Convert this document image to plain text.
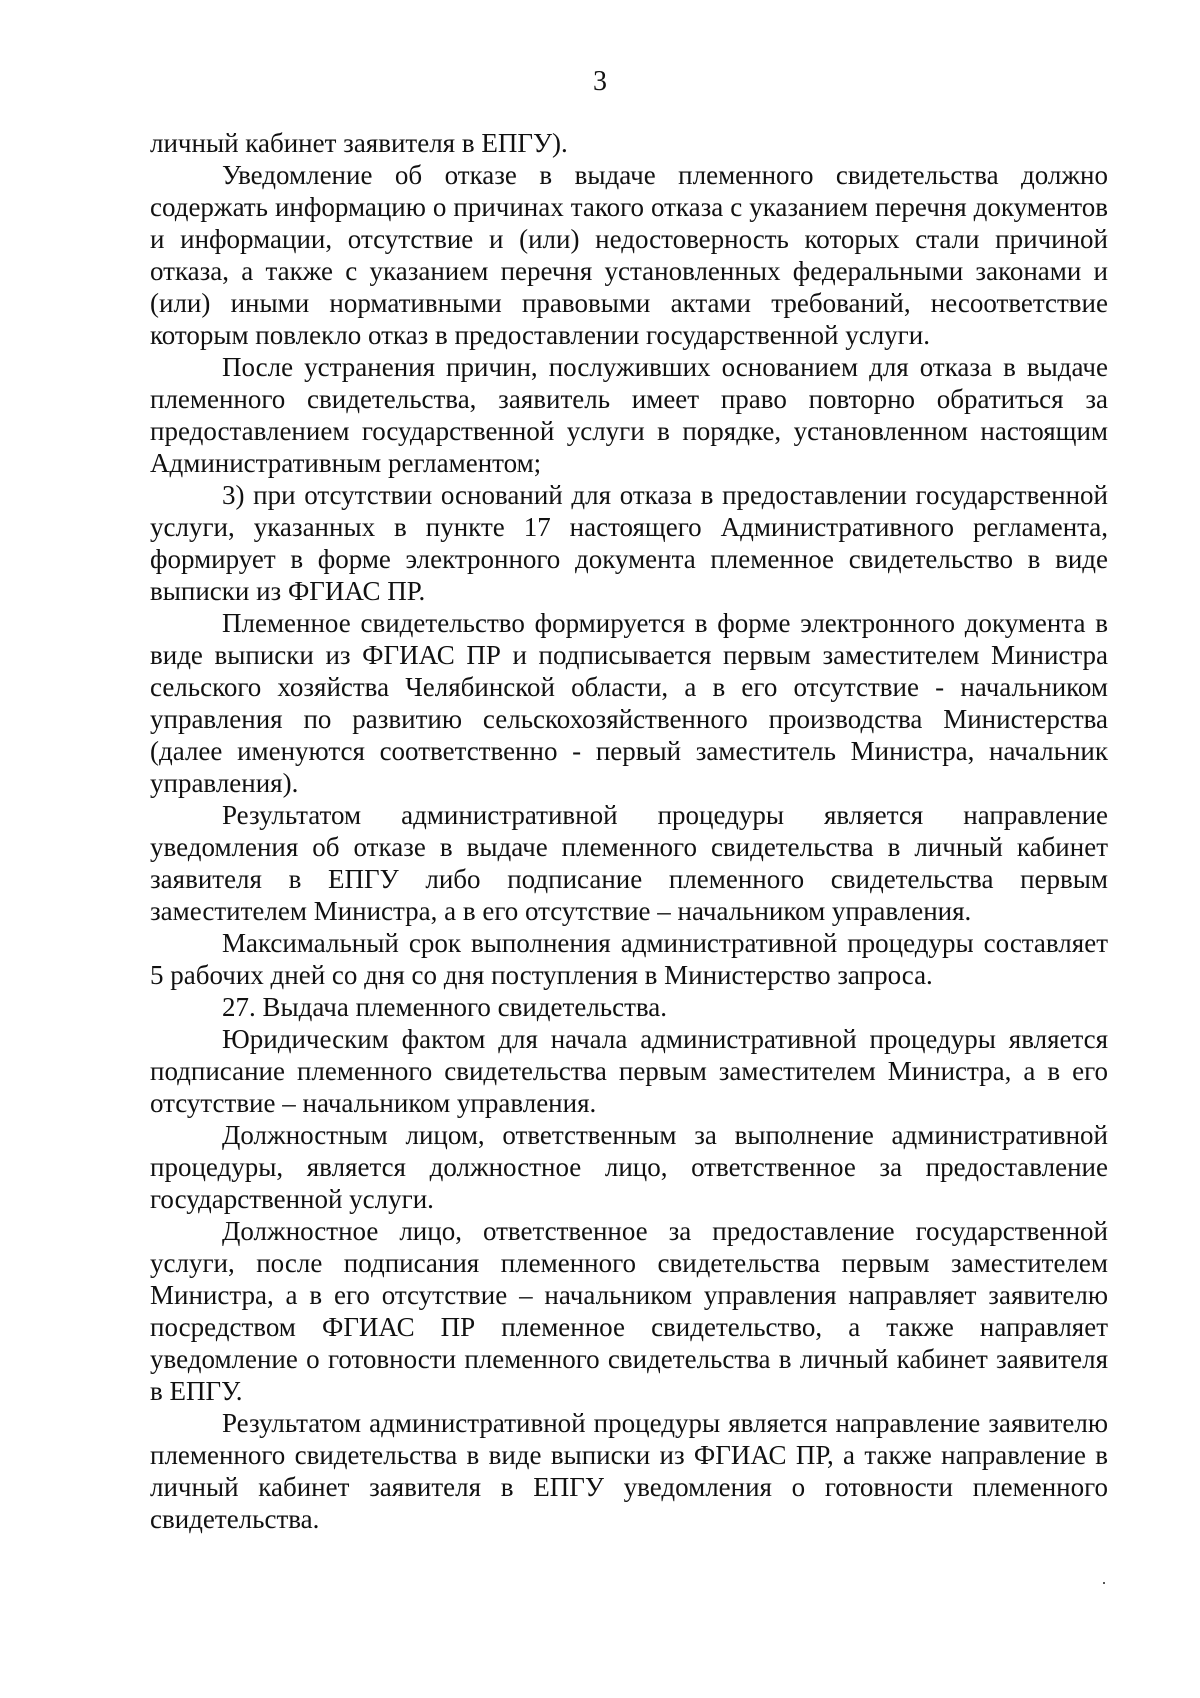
3

личный кабинет заявителя в ЕПГУ).

Уведомление об отказе в выдаче племенного свидетельства должно содержать информацию о причинах такого отказа с указанием перечня документов и информации, отсутствие и (или) недостоверность которых стали причиной отказа, а также с указанием перечня установленных федеральными законами и (или) иными нормативными правовыми актами требований, несоответствие которым повлекло отказ в предоставлении государственной услуги.

После устранения причин, послуживших основанием для отказа в выдаче племенного свидетельства, заявитель имеет право повторно обратиться за предоставлением государственной услуги в порядке, установленном настоящим Административным регламентом;

3) при отсутствии оснований для отказа в предоставлении государственной услуги, указанных в пункте 17 настоящего Административного регламента, формирует в форме электронного документа племенное свидетельство в виде выписки из ФГИАС ПР.

Племенное свидетельство формируется в форме электронного документа в виде выписки из ФГИАС ПР и подписывается первым заместителем Министра сельского хозяйства Челябинской области, а в его отсутствие - начальником управления по развитию сельскохозяйственного производства Министерства (далее именуются соответственно - первый заместитель Министра, начальник управления).

Результатом административной процедуры является направление уведомления об отказе в выдаче племенного свидетельства в личный кабинет заявителя в ЕПГУ либо подписание племенного свидетельства первым заместителем Министра, а в его отсутствие – начальником управления.

Максимальный срок выполнения административной процедуры составляет 5 рабочих дней со дня со дня поступления в Министерство запроса.

27. Выдача племенного свидетельства.

Юридическим фактом для начала административной процедуры является подписание племенного свидетельства первым заместителем Министра, а в его отсутствие – начальником управления.

Должностным лицом, ответственным за выполнение административной процедуры, является должностное лицо, ответственное за предоставление государственной услуги.

Должностное лицо, ответственное за предоставление государственной услуги, после подписания племенного свидетельства первым заместителем Министра, а в его отсутствие – начальником управления направляет заявителю посредством ФГИАС ПР племенное свидетельство, а также направляет уведомление о готовности племенного свидетельства в личный кабинет заявителя в ЕПГУ.

Результатом административной процедуры является направление заявителю племенного свидетельства в виде выписки из ФГИАС ПР, а также направление в личный кабинет заявителя в ЕПГУ уведомления о готовности племенного свидетельства.
